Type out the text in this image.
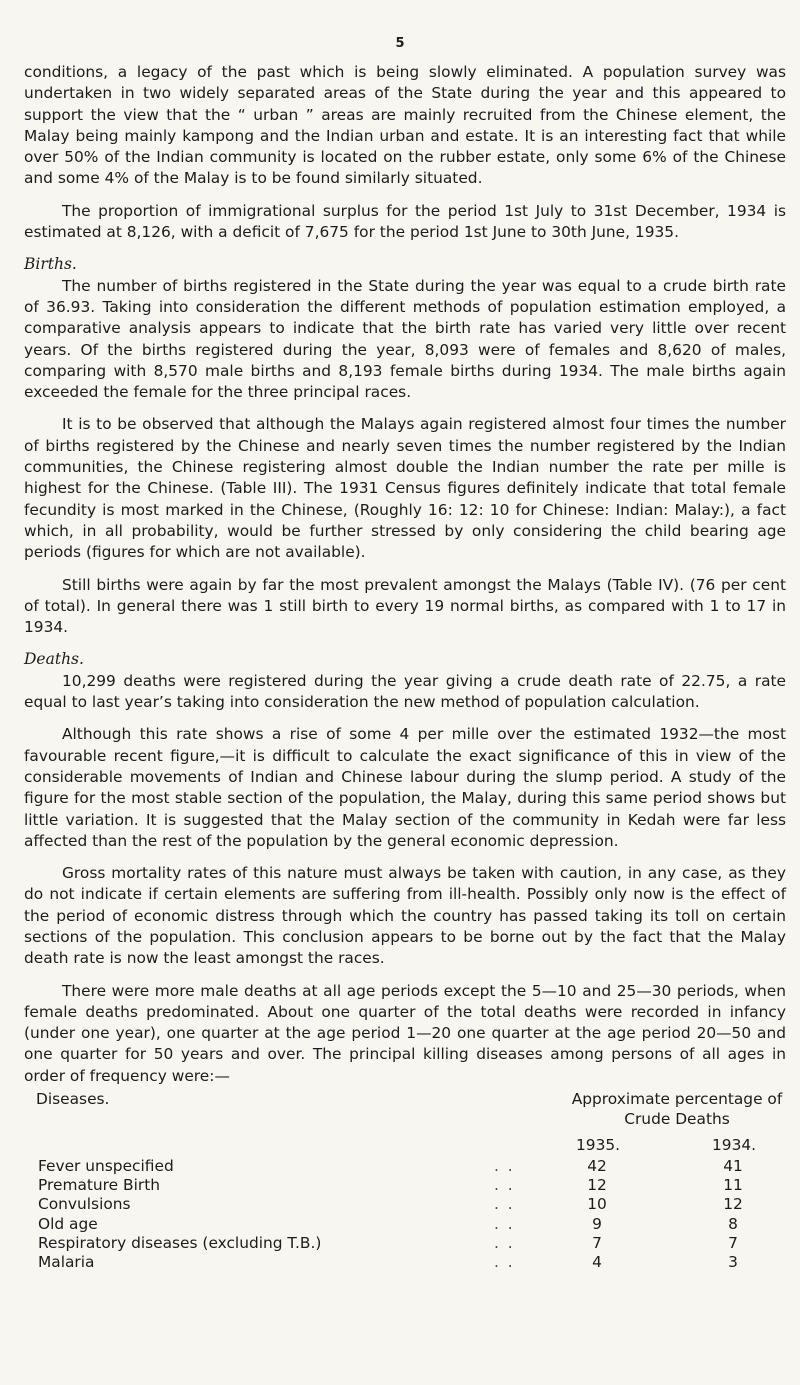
5

conditions, a legacy of the past which is being slowly eliminated. A population survey was undertaken in two widely separated areas of the State during the year and this appeared to support the view that the “ urban ” areas are mainly recruited from the Chinese element, the Malay being mainly kampong and the Indian urban and estate. It is an interesting fact that while over 50% of the Indian community is located on the rubber estate, only some 6% of the Chinese and some 4% of the Malay is to be found similarly situated.

The proportion of immigrational surplus for the period 1st July to 31st December, 1934 is estimated at 8,126, with a deficit of 7,675 for the period 1st June to 30th June, 1935.

Births.

The number of births registered in the State during the year was equal to a crude birth rate of 36.93. Taking into consideration the different methods of population estimation employed, a comparative analysis appears to indicate that the birth rate has varied very little over recent years. Of the births registered during the year, 8,093 were of females and 8,620 of males, comparing with 8,570 male births and 8,193 female births during 1934. The male births again exceeded the female for the three principal races.

It is to be observed that although the Malays again registered almost four times the number of births registered by the Chinese and nearly seven times the number registered by the Indian communities, the Chinese registering almost double the Indian number the rate per mille is highest for the Chinese. (Table III). The 1931 Census figures definitely indicate that total female fecundity is most marked in the Chinese, (Roughly 16: 12: 10 for Chinese: Indian: Malay:), a fact which, in all probability, would be further stressed by only considering the child bearing age periods (figures for which are not available).

Still births were again by far the most prevalent amongst the Malays (Table IV). (76 per cent of total). In general there was 1 still birth to every 19 normal births, as compared with 1 to 17 in 1934.

Deaths.

10,299 deaths were registered during the year giving a crude death rate of 22.75, a rate equal to last year’s taking into consideration the new method of population calculation.

Although this rate shows a rise of some 4 per mille over the estimated 1932—the most favourable recent figure,—it is difficult to calculate the exact significance of this in view of the considerable movements of Indian and Chinese labour during the slump period. A study of the figure for the most stable section of the population, the Malay, during this same period shows but little variation. It is suggested that the Malay section of the community in Kedah were far less affected than the rest of the population by the general economic depression.

Gross mortality rates of this nature must always be taken with caution, in any case, as they do not indicate if certain elements are suffering from ill-health. Possibly only now is the effect of the period of economic distress through which the country has passed taking its toll on certain sections of the population. This conclusion appears to be borne out by the fact that the Malay death rate is now the least amongst the races.

There were more male deaths at all age periods except the 5—10 and 25—30 periods, when female deaths predominated. About one quarter of the total deaths were recorded in infancy (under one year), one quarter at the age period 1—20 one quarter at the age period 20—50 and one quarter for 50 years and over. The principal killing diseases among persons of all ages in order of frequency were:—

Diseases.	Approximate percentage of
Crude Deaths
1935.	1934.
Fever unspecified	. .	42	41
Premature Birth	. .	12	11
Convulsions	. .	10	12
Old age	. .	9	8
Respiratory diseases (excluding T.B.)	. .	7	7
Malaria	. .	4	3
